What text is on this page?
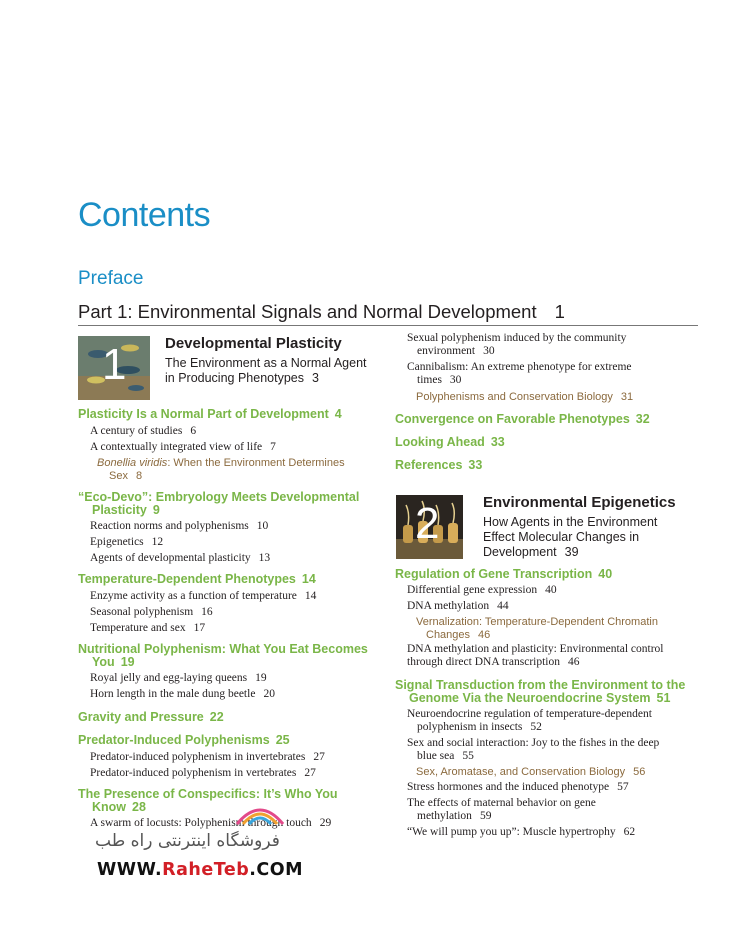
Contents
Preface
Part 1: Environmental Signals and Normal Development 1
1	Developmental Plasticity
The Environment as a Normal Agent
in Producing Phenotypes 3
Plasticity Is a Normal Part of Development 4
A century of studies 6
A contextually integrated view of life 7
Bonellia viridis: When the Environment Determines
Sex 8
“Eco-Devo”: Embryology Meets Developmental
Plasticity 9
Reaction norms and polyphenisms 10
Epigenetics 12
Agents of developmental plasticity 13
Temperature-Dependent Phenotypes 14
Enzyme activity as a function of temperature 14
Seasonal polyphenism 16
Temperature and sex 17
Nutritional Polyphenism: What You Eat Becomes
You 19
Royal jelly and egg-laying queens 19
Horn length in the male dung beetle 20
Gravity and Pressure 22
Predator-Induced Polyphenisms 25
Predator-induced polyphenism in invertebrates 27
Predator-induced polyphenism in vertebrates 27
The Presence of Conspecifics: It’s Who You
Know 28
A swarm of locusts: Polyphenism through touch 29
Sexual polyphenism induced by the community
environment 30
Cannibalism: An extreme phenotype for extreme
times 30
Polyphenisms and Conservation Biology 31
Convergence on Favorable Phenotypes 32
Looking Ahead 33
References 33
2	Environmental Epigenetics
How Agents in the Environment
Effect Molecular Changes in
Development 39
Regulation of Gene Transcription 40
Differential gene expression 40
DNA methylation 44
Vernalization: Temperature-Dependent Chromatin
Changes 46
DNA methylation and plasticity: Environmental control
through direct DNA transcription 46
Signal Transduction from the Environment to the
Genome Via the Neuroendocrine System 51
Neuroendocrine regulation of temperature-dependent
polyphenism in insects 52
Sex and social interaction: Joy to the fishes in the deep
blue sea 55
Sex, Aromatase, and Conservation Biology 56
Stress hormones and the induced phenotype 57
The effects of maternal behavior on gene
methylation 59
“We will pump you up”: Muscle hypertrophy 62
فروشگاه اینترنتی راه طب
WWW.RaheTeb.COM
